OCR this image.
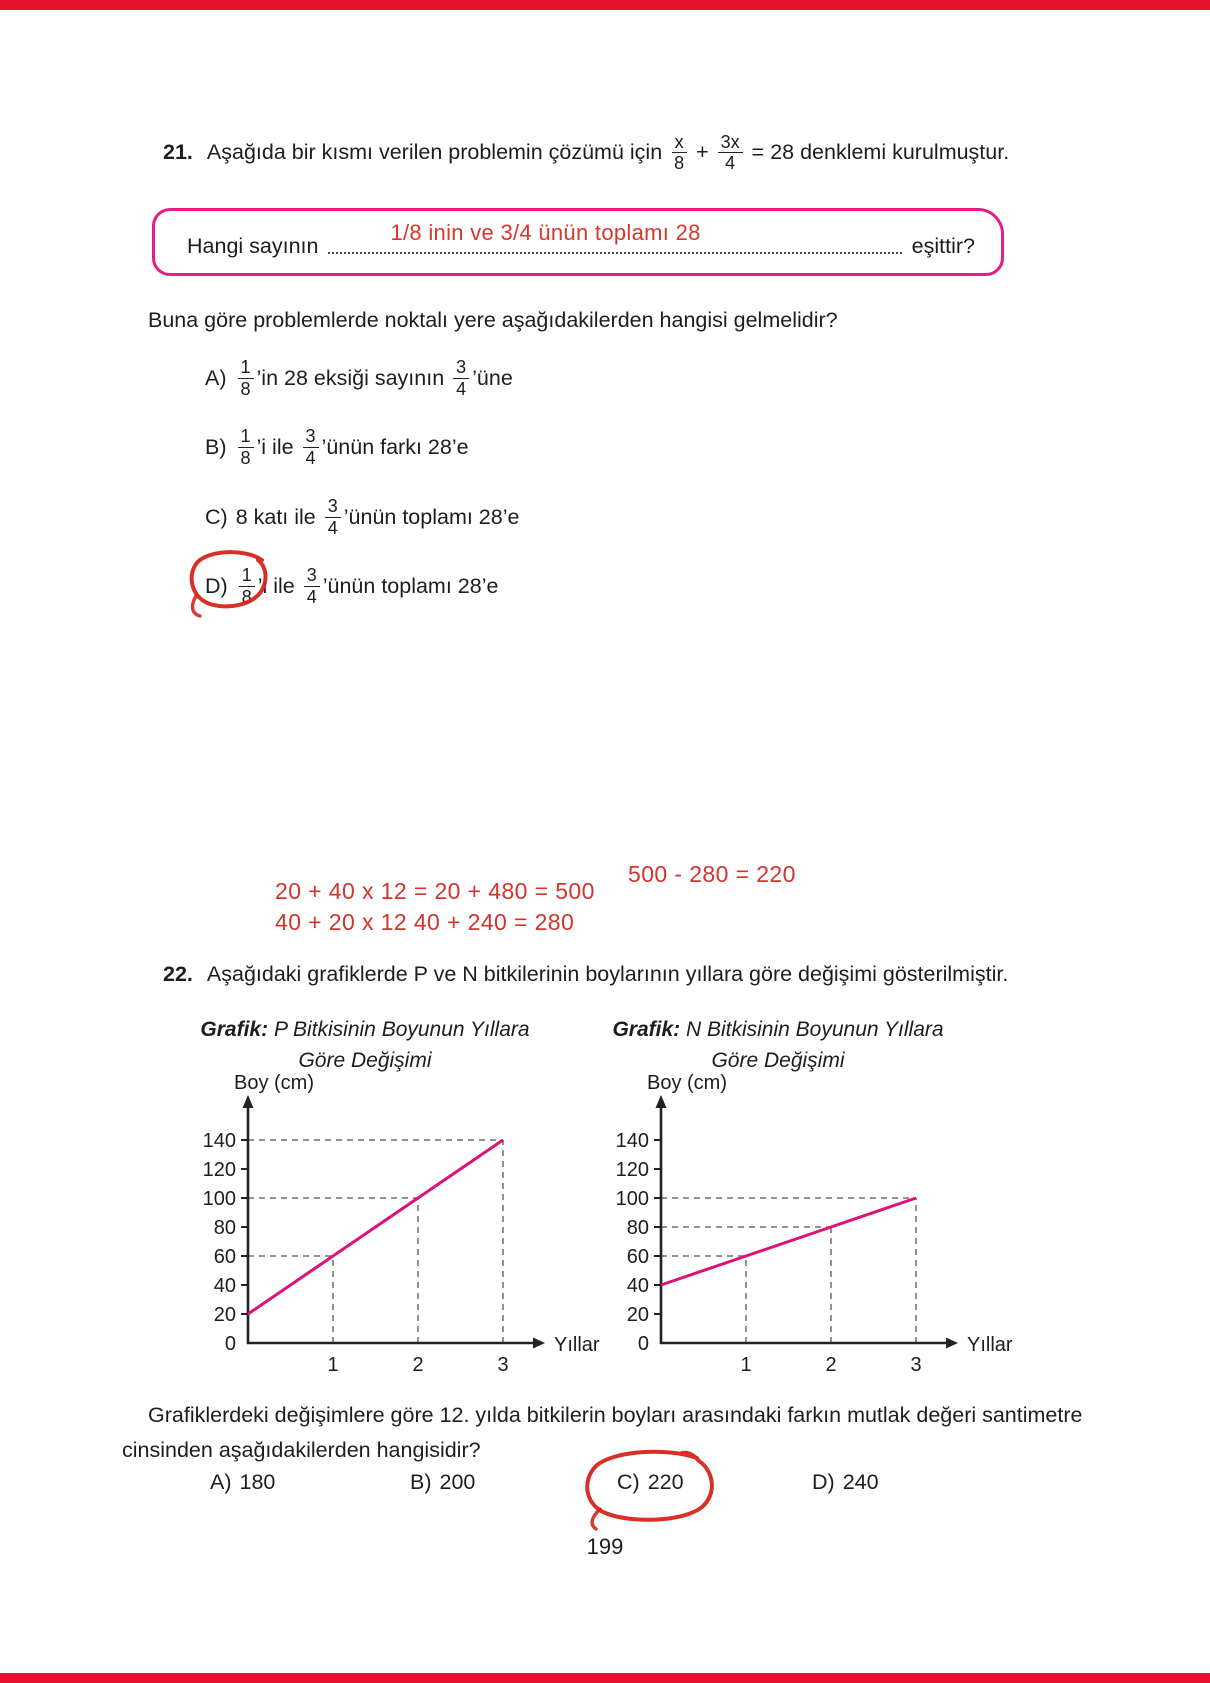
21. Aşağıda bir kısmı verilen problemin çözümü için $\frac{x}{8} + \frac{3x}{4} = 28$ denklemi kurulmuştur.
Hangi sayının
1/8 inin ve 3/4 ünün toplamı 28
eşittir?
Buna göre problemlerde noktalı yere aşağıdakilerden hangisi gelmelidir?
$A) \frac{1}{8}$ ’in 28 eksiği sayının $\frac{3}{4}$ ’üne
$B) \frac{1}{8}$ ’i ile $\frac{3}{4}$ ’ünün farkı 28’e
C) 8 katı ile $\frac{3}{4}$ ’ünün toplamı 28’e
$D) \frac{1}{8}$ ’i ile $\frac{3}{4}$ ’ünün toplamı 28’e
20 + 40 x 12 = 20 + 480 = 500
40 + 20 x 12 40 + 240 = 280
500 - 280 = 220
22. Aşağıdaki grafiklerde P ve N bitkilerinin boylarının yıllara göre değişimi gösterilmiştir.
Grafik: P Bitkisinin Boyunun Yıllara
Göre Değişimi
Grafik: N Bitkisinin Boyunun Yıllara
Göre Değişimi
0
20
40
60
80
100
120
140
1	2	3
Boy (cm)
Yıllar 0
20
40
60
80
100
120
140
1	2	3
Boy (cm)
Yıllar
Grafiklerdeki değişimlere göre 12. yılda bitkilerin boyları arasındaki farkın mutlak değeri santimetre cinsinden aşağıdakilerden hangisidir?
A) 180	B) 200	C) 220	D) 240
199
